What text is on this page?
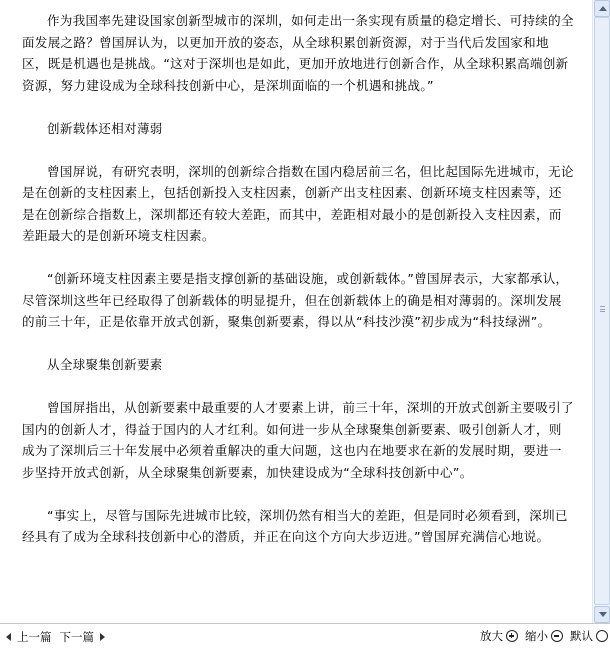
作为我国率先建设国家创新型城市的深圳，如何走出一条实现有质量的稳定增长、可持续的全面发展之路？曾国屏认为，以更加开放的姿态，从全球积累创新资源，对于当代后发国家和地区，既是机遇也是挑战。“这对于深圳也是如此，更加开放地进行创新合作，从全球积累高端创新资源，努力建设成为全球科技创新中心，是深圳面临的一个机遇和挑战。”

创新载体还相对薄弱

曾国屏说，有研究表明，深圳的创新综合指数在国内稳居前三名，但比起国际先进城市，无论是在创新的支柱因素上，包括创新投入支柱因素，创新产出支柱因素、创新环境支柱因素等，还是在创新综合指数上，深圳都还有较大差距，而其中，差距相对最小的是创新投入支柱因素，而差距最大的是创新环境支柱因素。

“创新环境支柱因素主要是指支撑创新的基础设施，或创新载体。”曾国屏表示，大家都承认，尽管深圳这些年已经取得了创新载体的明显提升，但在创新载体上的确是相对薄弱的。深圳发展的前三十年，正是依靠开放式创新，聚集创新要素，得以从“科技沙漠”初步成为“科技绿洲”。

从全球聚集创新要素

曾国屏指出，从创新要素中最重要的人才要素上讲，前三十年，深圳的开放式创新主要吸引了国内的创新人才，得益于国内的人才红利。如何进一步从全球聚集创新要素、吸引创新人才，则成为了深圳后三十年发展中必须着重解决的重大问题，这也内在地要求在新的发展时期，要进一步坚持开放式创新，从全球聚集创新要素，加快建设成为“全球科技创新中心”。

“事实上，尽管与国际先进城市比较，深圳仍然有相当大的差距，但是同时必须看到，深圳已经具有了成为全球科技创新中心的潜质，并正在向这个方向大步迈进。”曾国屏充满信心地说。

上一篇 下一篇	放大 缩小 默认
